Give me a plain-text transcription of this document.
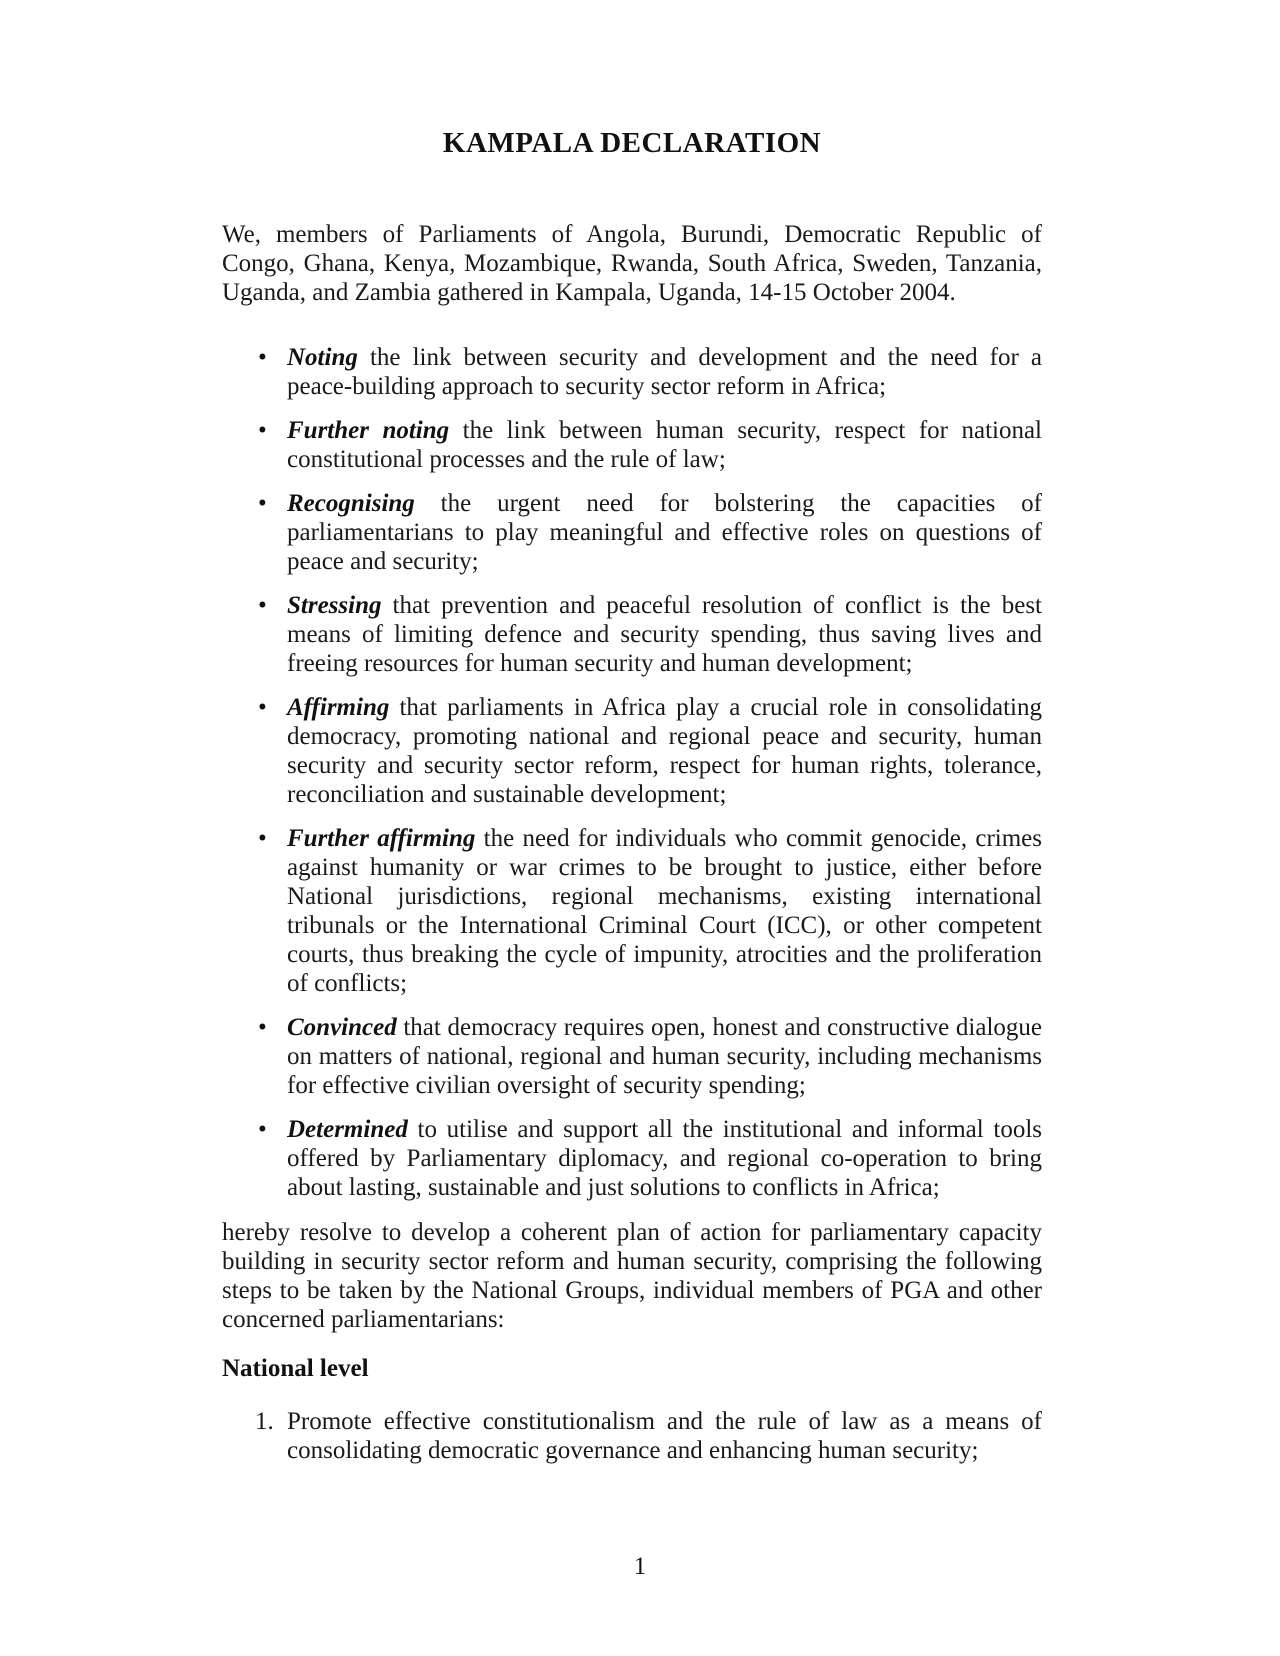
KAMPALA DECLARATION

We, members of Parliaments of Angola, Burundi, Democratic Republic of Congo, Ghana, Kenya, Mozambique, Rwanda, South Africa, Sweden, Tanzania, Uganda, and Zambia gathered in Kampala, Uganda, 14-15 October 2004.

• Noting the link between security and development and the need for a peace-building approach to security sector reform in Africa;
• Further noting the link between human security, respect for national constitutional processes and the rule of law;
• Recognising the urgent need for bolstering the capacities of parliamentarians to play meaningful and effective roles on questions of peace and security;
• Stressing that prevention and peaceful resolution of conflict is the best means of limiting defence and security spending, thus saving lives and freeing resources for human security and human development;
• Affirming that parliaments in Africa play a crucial role in consolidating democracy, promoting national and regional peace and security, human security and security sector reform, respect for human rights, tolerance, reconciliation and sustainable development;
• Further affirming the need for individuals who commit genocide, crimes against humanity or war crimes to be brought to justice, either before National jurisdictions, regional mechanisms, existing international tribunals or the International Criminal Court (ICC), or other competent courts, thus breaking the cycle of impunity, atrocities and the proliferation of conflicts;
• Convinced that democracy requires open, honest and constructive dialogue on matters of national, regional and human security, including mechanisms for effective civilian oversight of security spending;
• Determined to utilise and support all the institutional and informal tools offered by Parliamentary diplomacy, and regional co-operation to bring about lasting, sustainable and just solutions to conflicts in Africa;

hereby resolve to develop a coherent plan of action for parliamentary capacity building in security sector reform and human security, comprising the following steps to be taken by the National Groups, individual members of PGA and other concerned parliamentarians:

National level
1. Promote effective constitutionalism and the rule of law as a means of consolidating democratic governance and enhancing human security;
1
